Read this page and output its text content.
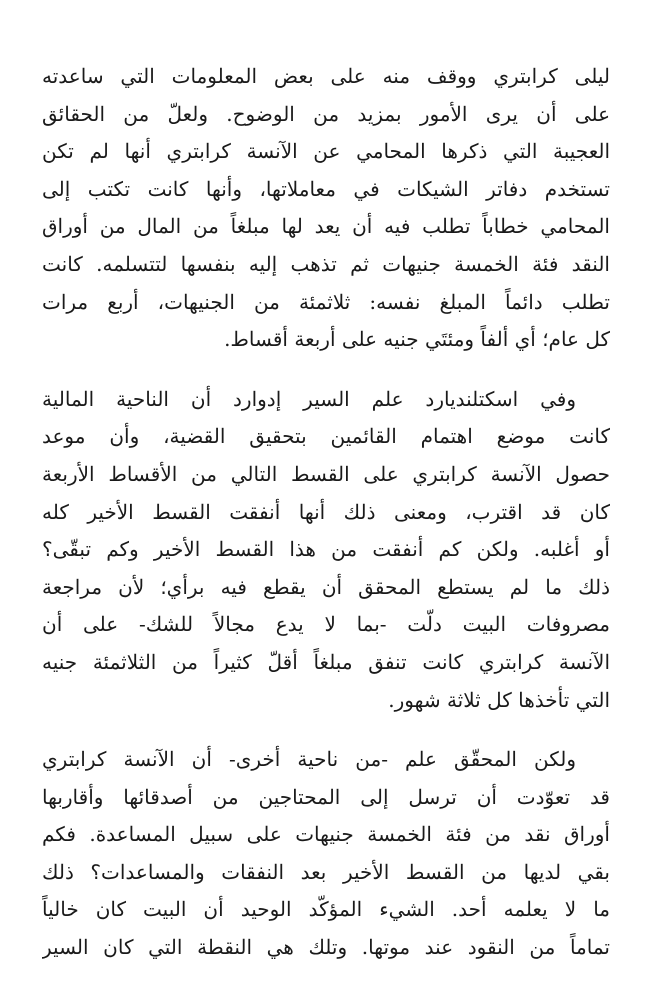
ليلى كرابتري ووقف منه على بعض المعلومات التي ساعدته
على أن يرى الأمور بمزيد من الوضوح. ولعلّ من الحقائق
العجيبة التي ذكرها المحامي عن الآنسة كرابتري أنها لم تكن
تستخدم دفاتر الشيكات في معاملاتها، وأنها كانت تكتب إلى
المحامي خطاباً تطلب فيه أن يعد لها مبلغاً من المال من أوراق
النقد فئة الخمسة جنيهات ثم تذهب إليه بنفسها لتتسلمه. كانت
تطلب دائماً المبلغ نفسه: ثلاثمئة من الجنيهات، أربع مرات
كل عام؛ أي ألفاً ومئتَي جنيه على أربعة أقساط.
وفي اسكتلنديارد علم السير إدوارد أن الناحية المالية
كانت موضع اهتمام القائمين بتحقيق القضية، وأن موعد
حصول الآنسة كرابتري على القسط التالي من الأقساط الأربعة
كان قد اقترب، ومعنى ذلك أنها أنفقت القسط الأخير كله
أو أغلبه. ولكن كم أنفقت من هذا القسط الأخير وكم تبقّى؟
ذلك ما لم يستطع المحقق أن يقطع فيه برأي؛ لأن مراجعة
مصروفات البيت دلّت -بما لا يدع مجالاً للشك- على أن
الآنسة كرابتري كانت تنفق مبلغاً أقلّ كثيراً من الثلاثمئة جنيه
التي تأخذها كل ثلاثة شهور.
ولكن المحقّق علم -من ناحية أخرى- أن الآنسة كرابتري
قد تعوّدت أن ترسل إلى المحتاجين من أصدقائها وأقاربها
أوراق نقد من فئة الخمسة جنيهات على سبيل المساعدة. فكم
بقي لديها من القسط الأخير بعد النفقات والمساعدات؟ ذلك
ما لا يعلمه أحد. الشيء المؤكّد الوحيد أن البيت كان خالياً
تماماً من النقود عند موتها. وتلك هي النقطة التي كان السير
